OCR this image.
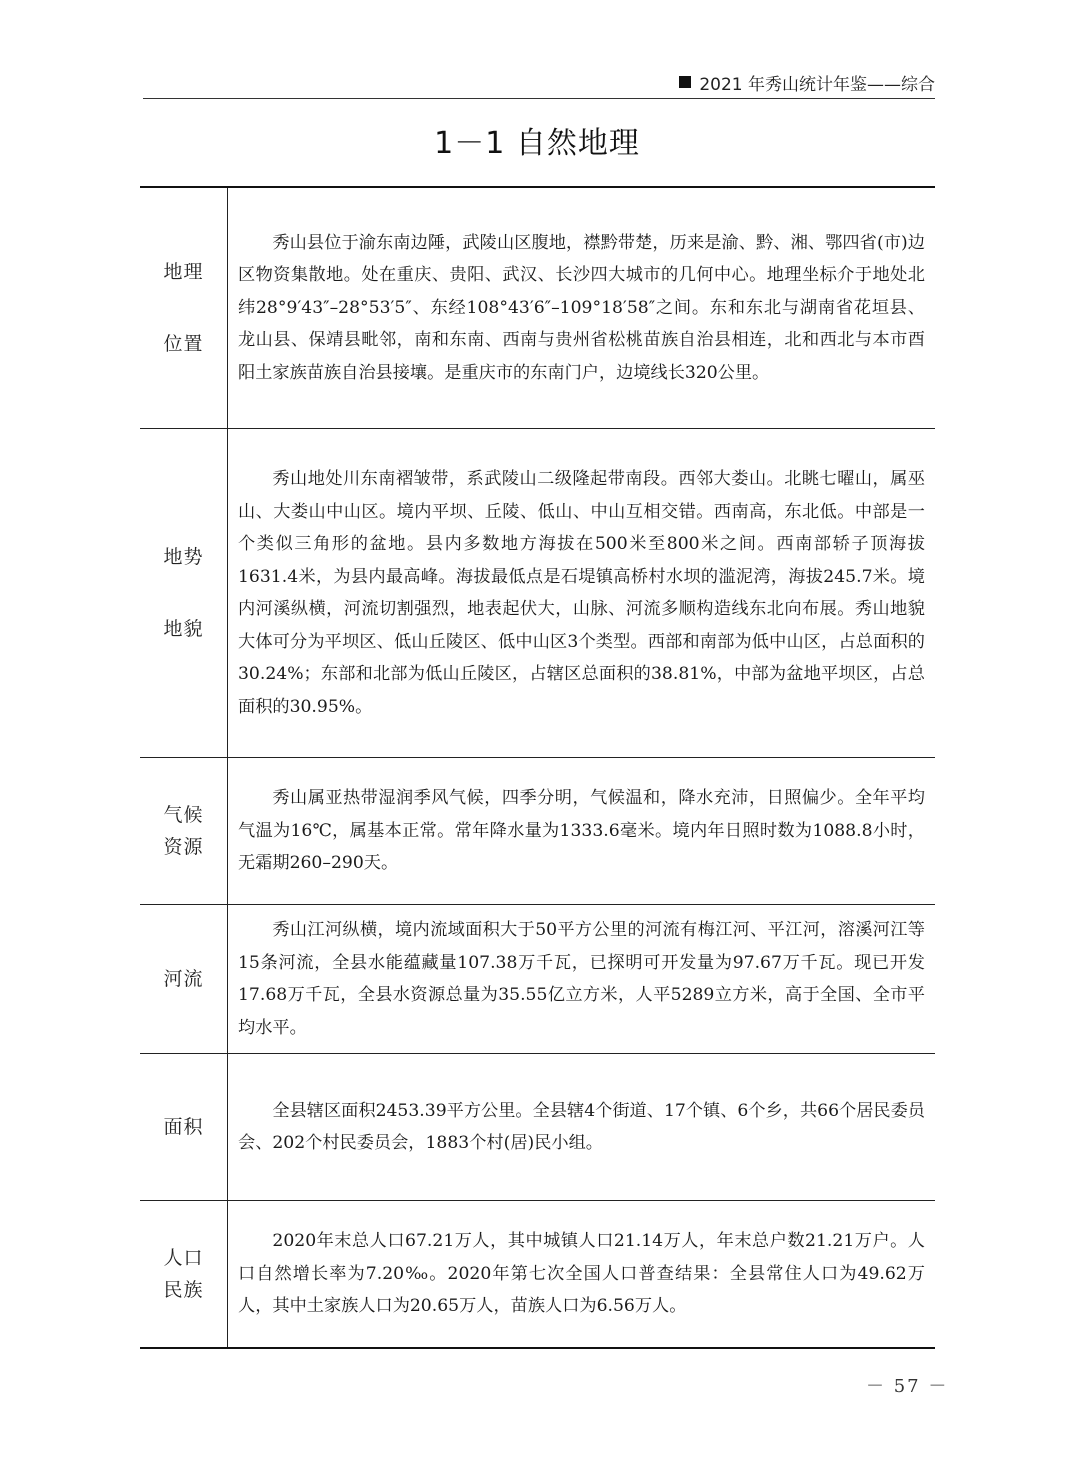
2021 年秀山统计年鉴——综合
1－1 自然地理
地理
位置

秀山县位于渝东南边陲，武陵山区腹地，襟黔带楚，历来是渝、黔、湘、鄂四省(市)边区物资集散地。处在重庆、贵阳、武汉、长沙四大城市的几何中心。地理坐标介于地处北纬28°9′43″–28°53′5″、东经108°43′6″–109°18′58″之间。东和东北与湖南省花垣县、龙山县、保靖县毗邻，南和东南、西南与贵州省松桃苗族自治县相连，北和西北与本市酉阳土家族苗族自治县接壤。是重庆市的东南门户，边境线长320公里。

地势
地貌

秀山地处川东南褶皱带，系武陵山二级隆起带南段。西邻大娄山。北眺七曜山，属巫山、大娄山中山区。境内平坝、丘陵、低山、中山互相交错。西南高，东北低。中部是一个类似三角形的盆地。县内多数地方海拔在500米至800米之间。西南部轿子顶海拔1631.4米，为县内最高峰。海拔最低点是石堤镇高桥村水坝的滥泥湾，海拔245.7米。境内河溪纵横，河流切割强烈，地表起伏大，山脉、河流多顺构造线东北向布展。秀山地貌大体可分为平坝区、低山丘陵区、低中山区3个类型。西部和南部为低中山区，占总面积的30.24%；东部和北部为低山丘陵区，占辖区总面积的38.81%，中部为盆地平坝区，占总面积的30.95%。

气候
资源

秀山属亚热带湿润季风气候，四季分明，气候温和，降水充沛，日照偏少。全年平均气温为16℃，属基本正常。常年降水量为1333.6毫米。境内年日照时数为1088.8小时，无霜期260–290天。

河流

秀山江河纵横，境内流域面积大于50平方公里的河流有梅江河、平江河，溶溪河江等15条河流，全县水能蕴藏量107.38万千瓦，已探明可开发量为97.67万千瓦。现已开发17.68万千瓦，全县水资源总量为35.55亿立方米，人平5289立方米，高于全国、全市平均水平。

面积

全县辖区面积2453.39平方公里。全县辖4个街道、17个镇、6个乡，共66个居民委员会、202个村民委员会，1883个村(居)民小组。

人口
民族

2020年末总人口67.21万人，其中城镇人口21.14万人，年末总户数21.21万户。人口自然增长率为7.20‰。2020年第七次全国人口普查结果：全县常住人口为49.62万人，其中土家族人口为20.65万人，苗族人口为6.56万人。

－ 57 －
